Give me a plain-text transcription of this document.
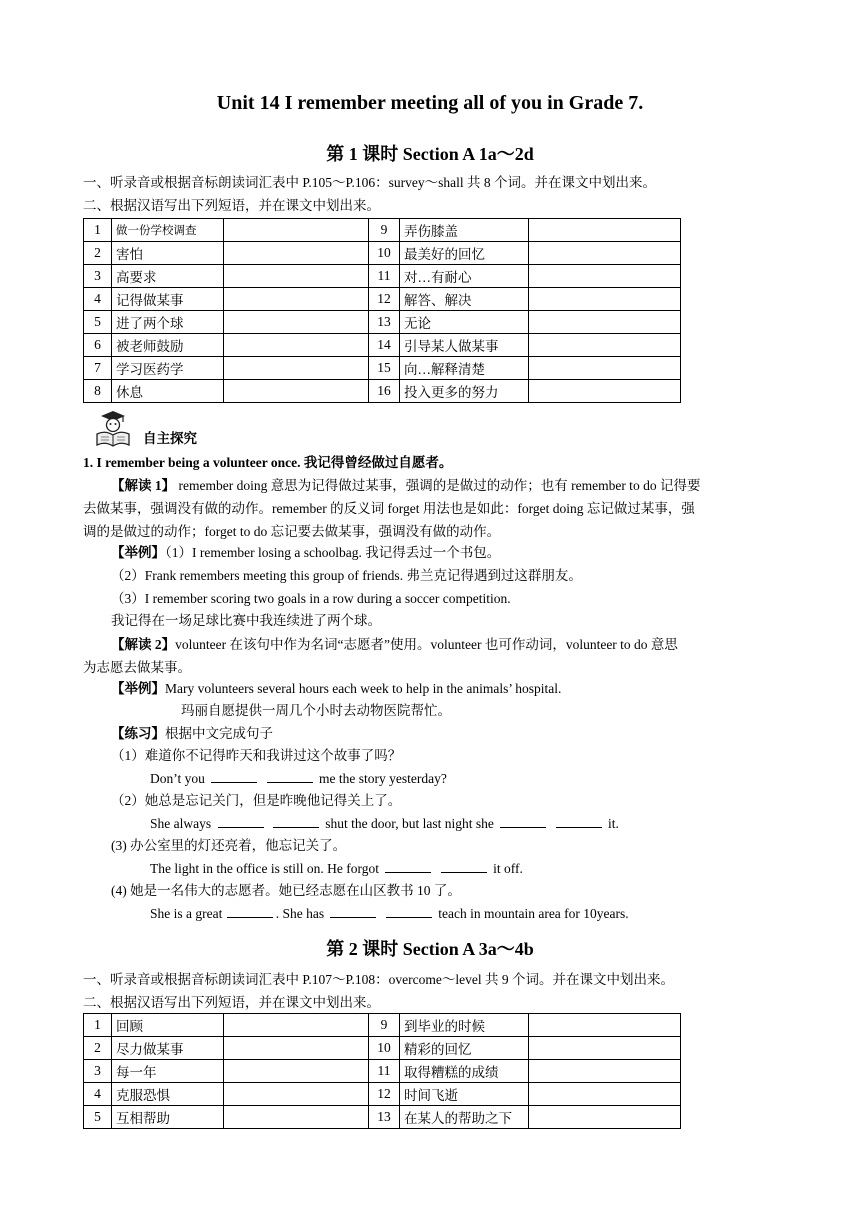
Unit 14 I remember meeting all of you in Grade 7.
第 1 课时 Section A 1a～2d
一、听录音或根据音标朗读词汇表中 P.105～P.106：survey～shall 共 8 个词。并在课文中划出来。
二、根据汉语写出下列短语，并在课文中划出来。
1	做一份学校调查		9	弄伤膝盖	
2	害怕		10	最美好的回忆	
3	高要求		11	对…有耐心	
4	记得做某事		12	解答、解决	
5	进了两个球		13	无论	
6	被老师鼓励		14	引导某人做某事	
7	学习医药学		15	向…解释清楚	
8	休息		16	投入更多的努力	
自主探究
1. I remember being a volunteer once. 我记得曾经做过自愿者。
【解读 1】 remember doing 意思为记得做过某事，强调的是做过的动作；也有 remember to do 记得要
去做某事，强调没有做的动作。remember 的反义词 forget 用法也是如此：forget doing 忘记做过某事，强
调的是做过的动作；forget to do 忘记要去做某事，强调没有做的动作。
【举例】（1）I remember losing a schoolbag. 我记得丢过一个书包。
（2）Frank remembers meeting this group of friends. 弗兰克记得遇到过这群朋友。
（3）I remember scoring two goals in a row during a soccer competition.
我记得在一场足球比赛中我连续进了两个球。
【解读 2】volunteer 在该句中作为名词“志愿者”使用。volunteer 也可作动词，volunteer to do 意思
为志愿去做某事。
【举例】Mary volunteers several hours each week to help in the animals’ hospital.
玛丽自愿提供一周几个小时去动物医院帮忙。
【练习】根据中文完成句子
（1）难道你不记得昨天和我讲过这个故事了吗？
Don’t you	me the story yesterday?
（2）她总是忘记关门，但是昨晚他记得关上了。
She always	shut the door, but last night she	it.
(3) 办公室里的灯还亮着，他忘记关了。
The light in the office is still on. He forgot	it off.
(4) 她是一名伟大的志愿者。她已经志愿在山区教书 10 了。
She is a great	. She has	teach in mountain area for 10years.
第 2 课时 Section A 3a～4b
一、听录音或根据音标朗读词汇表中 P.107～P.108：overcome～level 共 9 个词。并在课文中划出来。
二、根据汉语写出下列短语，并在课文中划出来。
1	回顾		9	到毕业的时候	
2	尽力做某事		10	精彩的回忆	
3	每一年		11	取得糟糕的成绩	
4	克服恐惧		12	时间飞逝	
5	互相帮助		13	在某人的帮助之下	
